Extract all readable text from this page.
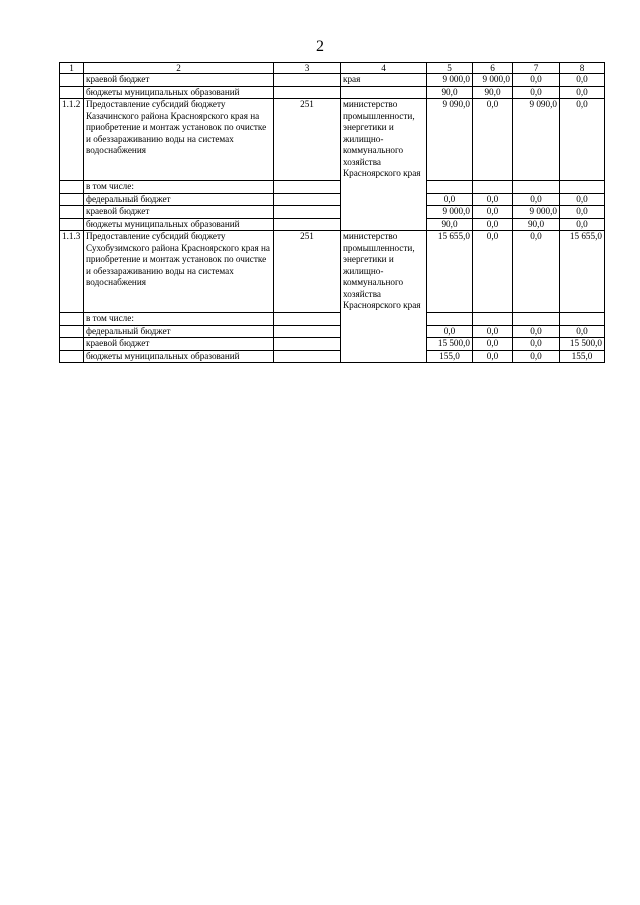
2
1	2	3	4	5	6	7	8
	краевой бюджет		края	9 000,0	9 000,0	0,0	0,0
	бюджеты муниципальных образований			90,0	90,0	0,0	0,0
1.1.2	Предоставление субсидий бюджету Казачинского района Красноярского края на приобретение и монтаж установок по очистке и обеззараживанию воды на системах водоснабжения	251	министерство промышленности, энергетики и жилищно-коммунального хозяйства Красноярского края	9 090,0	0,0	9 090,0	0,0
	в том числе:						
	федеральный бюджет			0,0	0,0	0,0	0,0
	краевой бюджет			9 000,0	0,0	9 000,0	0,0
	бюджеты муниципальных образований			90,0	0,0	90,0	0,0
1.1.3	Предоставление субсидий бюджету Сухобузимского района Красноярского края на приобретение и монтаж установок по очистке и обеззараживанию воды на системах водоснабжения	251	министерство промышленности, энергетики и жилищно-коммунального хозяйства Красноярского края	15 655,0	0,0	0,0	15 655,0
	в том числе:						
	федеральный бюджет			0,0	0,0	0,0	0,0
	краевой бюджет			15 500,0	0,0	0,0	15 500,0
	бюджеты муниципальных образований			155,0	0,0	0,0	155,0
